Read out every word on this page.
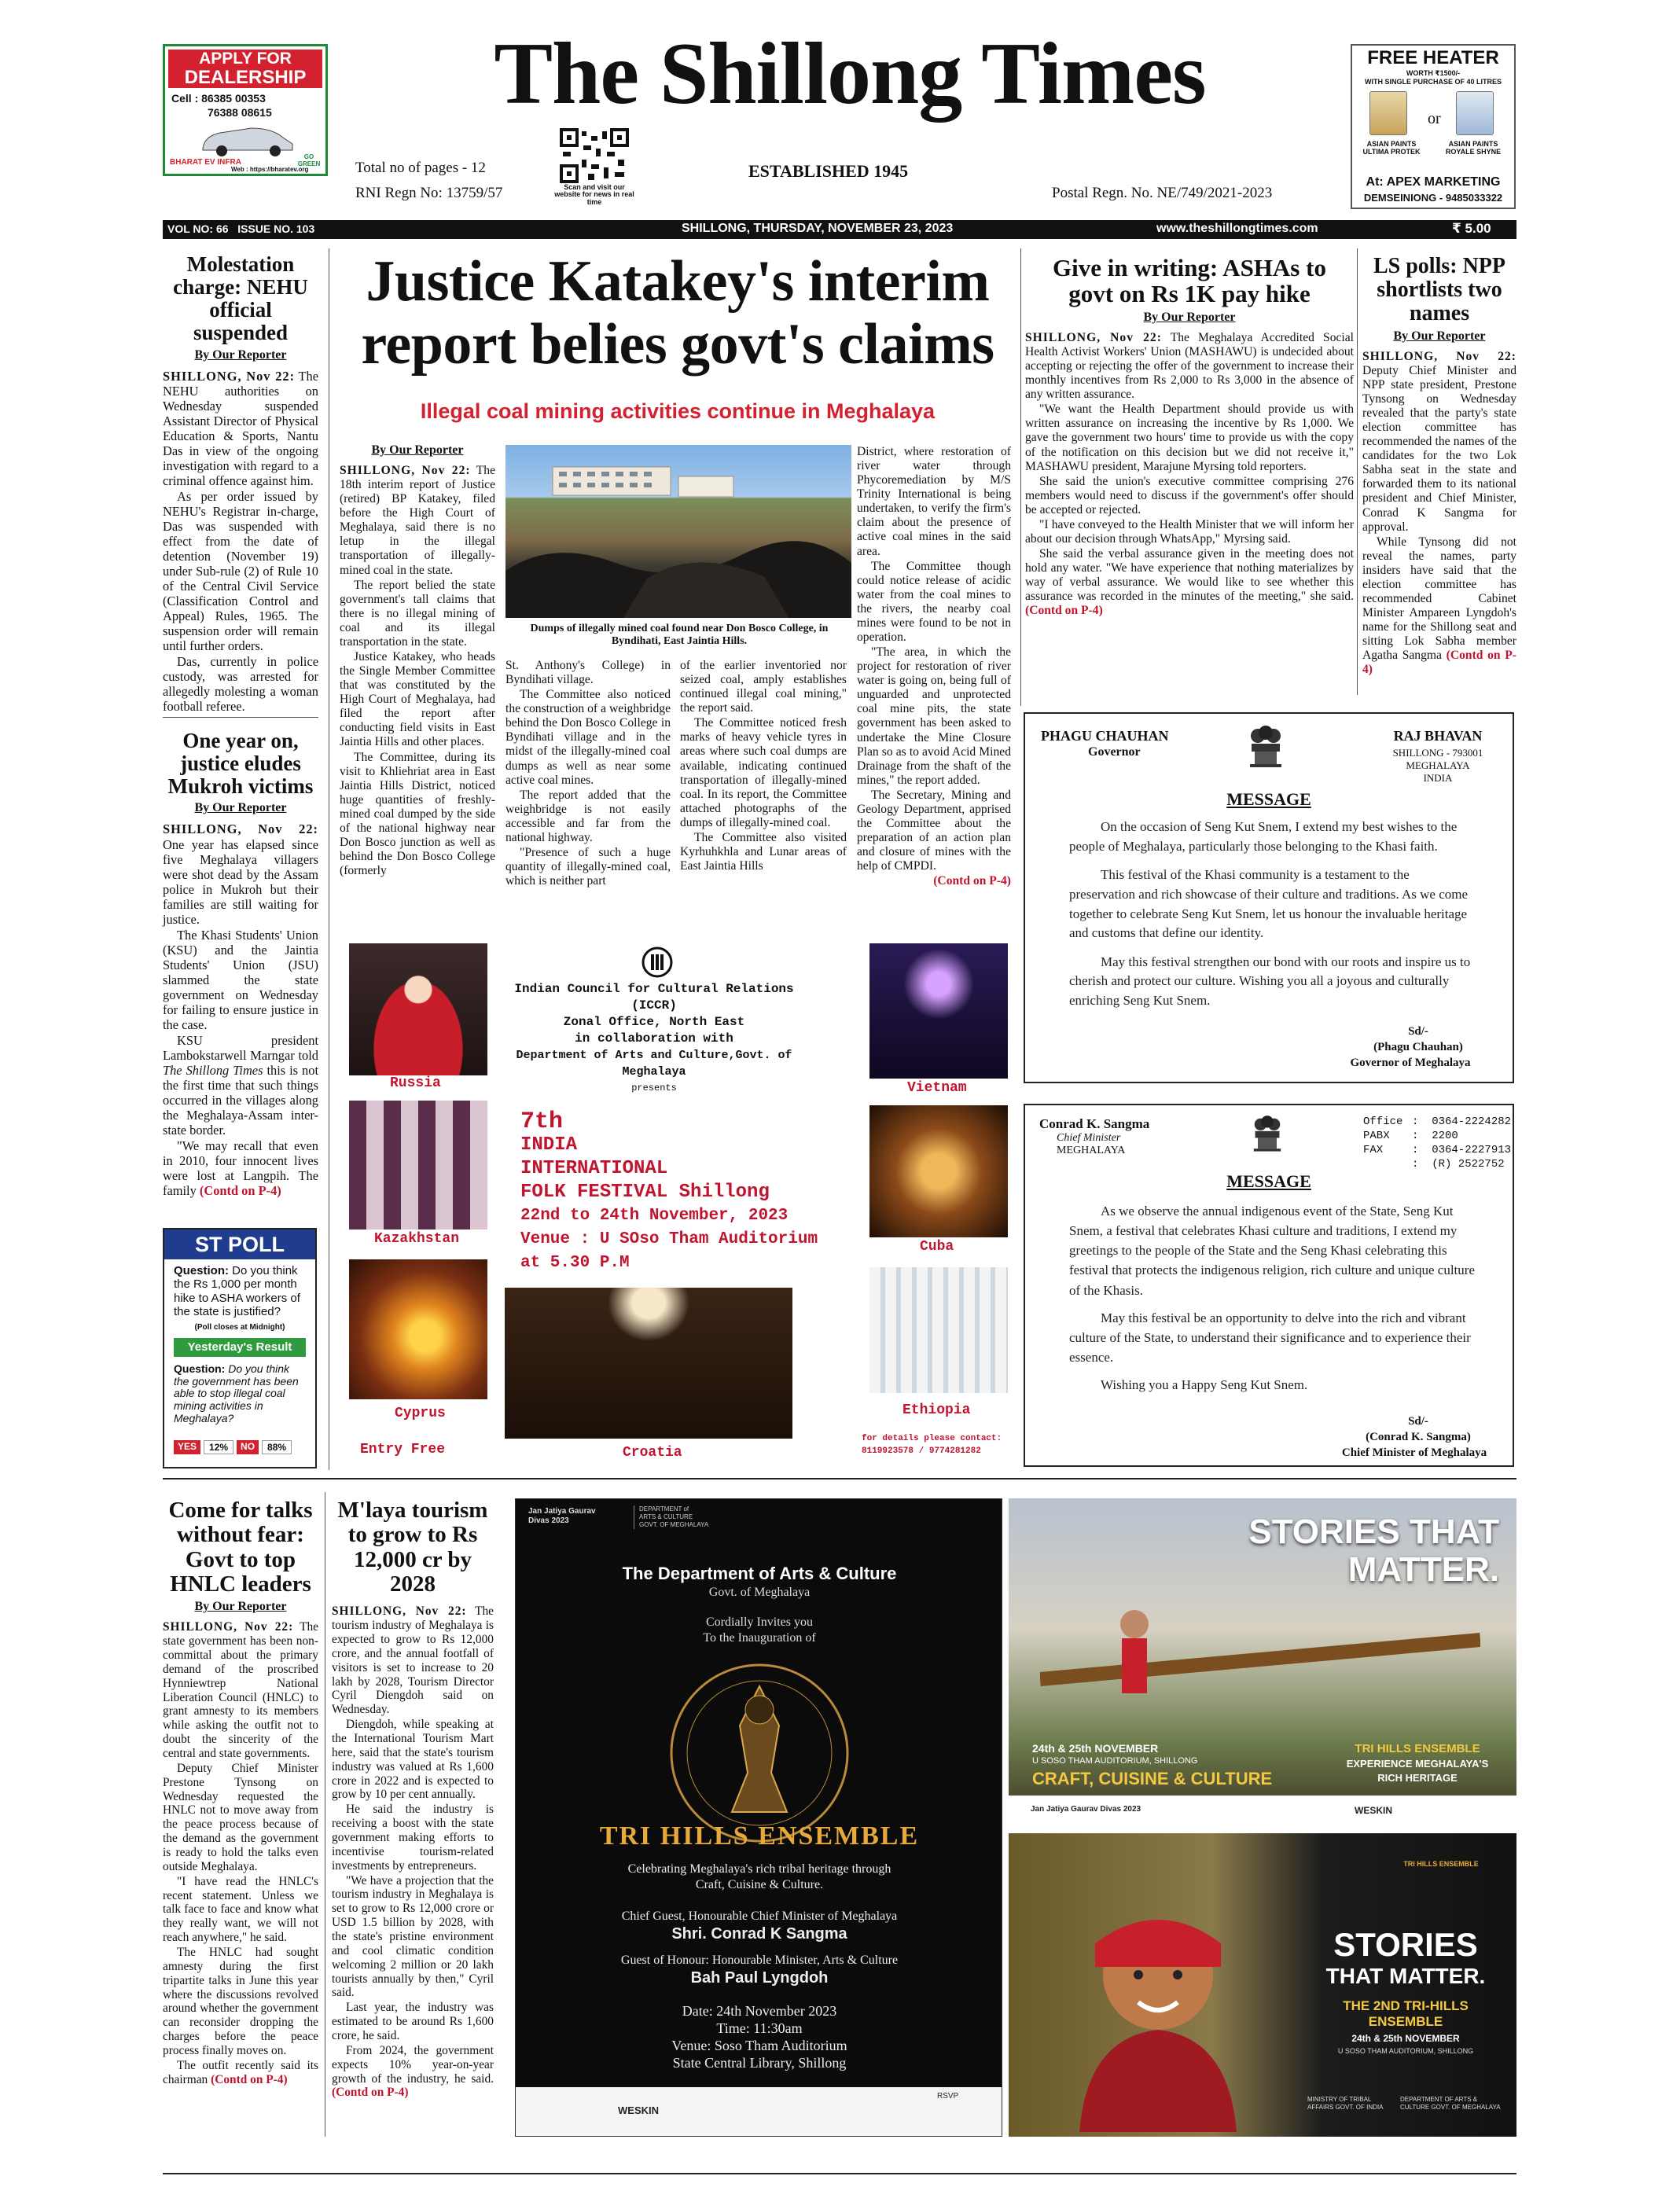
APPLY FOR
DEALERSHIP
Cell : 86385 00353
76388 08615
BHARAT EV INFRA
Web : https://bharatev.org
GO GREEN
The Shillong Times
Total no of pages - 12
RNI Regn No: 13759/57	Scan and visit our website for news in real time
ESTABLISHED 1945
Postal Regn. No. NE/749/2021-2023
FREE HEATER
WORTH ₹1500/-
WITH SINGLE PURCHASE OF 40 LITRES
or
ASIAN PAINTS ULTIMA PROTEK
ASIAN PAINTS ROYALE SHYNE
At: APEX MARKETING
DEMSEINIONG - 9485033322
VOL NO: 66   ISSUE NO. 103	SHILLONG, THURSDAY, NOVEMBER 23, 2023	www.theshillongtimes.com	₹ 5.00
Molestation charge: NEHU official suspended
By Our Reporter

SHILLONG, Nov 22: The NEHU authorities on Wednesday suspended Assistant Director of Physical Education & Sports, Nantu Das in view of the ongoing investigation with regard to a criminal offence against him.

As per order issued by NEHU's Registrar in-charge, Das was suspended with effect from the date of detention (November 19) under Sub-rule (2) of Rule 10 of the Central Civil Service (Classification Control and Appeal) Rules, 1965. The suspension order will remain until further orders.

Das, currently in police custody, was arrested for allegedly molesting a woman football referee.

One year on, justice eludes Mukroh victims
By Our Reporter

SHILLONG, Nov 22: One year has elapsed since five Meghalaya villagers were shot dead by the Assam police in Mukroh but their families are still waiting for justice.

The Khasi Students' Union (KSU) and the Jaintia Students' Union (JSU) slammed the state government on Wednesday for failing to ensure justice in the case.

KSU president Lambokstarwell Marngar told The Shillong Times this is not the first time that such things occurred in the villages along the Meghalaya-Assam inter-state border.

"We may recall that even in 2010, four innocent lives were lost at Langpih. The family (Contd on P-4)

ST POLL
Question: Do you think the Rs 1,000 per month hike to ASHA workers of the state is justified?
(Poll closes at Midnight)
Yesterday's Result
Question: Do you think the government has been able to stop illegal coal mining activities in Meghalaya?
YES	12%	NO	88%
Justice Katakey's interim report belies govt's claims
Illegal coal mining activities continue in Meghalaya
By Our Reporter

SHILLONG, Nov 22: The 18th interim report of Justice (retired) BP Katakey, filed before the High Court of Meghalaya, said there is no letup in the illegal transportation of illegally-mined coal in the state.

The report belied the state government's tall claims that there is no illegal mining of coal and its illegal transportation in the state.

Justice Katakey, who heads the Single Member Committee that was constituted by the High Court of Meghalaya, had filed the report after conducting field visits in East Jaintia Hills and other places.

The Committee, during its visit to Khliehriat area in East Jaintia Hills District, noticed huge quantities of freshly-mined coal dumped by the side of the national highway near Don Bosco junction as well as behind the Don Bosco College (formerly

Dumps of illegally mined coal found near Don Bosco College, in Byndihati, East Jaintia Hills.

St. Anthony's College) in Byndihati village.

The Committee also noticed the construction of a weighbridge behind the Don Bosco College in Byndihati village and in the midst of the illegally-mined coal dumps as well as near some active coal mines.

The report added that the weighbridge is not easily accessible and far from the national highway.

"Presence of such a huge quantity of illegally-mined coal, which is neither part

of the earlier inventoried nor seized coal, amply establishes continued illegal coal mining," the report said.

The Committee noticed fresh marks of heavy vehicle tyres in areas where such coal dumps are available, indicating continued transportation of illegally-mined coal. In its report, the Committee attached photographs of the dumps of illegally-mined coal.

The Committee also visited Kyrhuhkhla and Lunar areas of East Jaintia Hills

District, where restoration of river water through Phycoremediation by M/S Trinity International is being undertaken, to verify the firm's claim about the presence of active coal mines in the said area.

The Committee though could notice release of acidic water from the coal mines to the rivers, the nearby coal mines were found to be not in operation.

"The area, in which the project for restoration of river water is going on, being full of unguarded and unprotected coal mine pits, the state government has been asked to undertake the Mine Closure Plan so as to avoid Acid Mined Drainage from the shaft of the mines," the report added.

The Secretary, Mining and Geology Department, apprised the Committee about the preparation of an action plan and closure of mines with the help of CMPDI.

(Contd on P-4)

Give in writing: ASHAs to govt on Rs 1K pay hike
By Our Reporter

SHILLONG, Nov 22: The Meghalaya Accredited Social Health Activist Workers' Union (MASHAWU) is undecided about accepting or rejecting the offer of the government to increase their monthly incentives from Rs 2,000 to Rs 3,000 in the absence of any written assurance.

"We want the Health Department should provide us with written assurance on increasing the incentive by Rs 1,000. We gave the government two hours' time to provide us with the copy of the notification on this decision but we did not receive it," MASHAWU president, Marajune Myrsing told reporters.

She said the union's executive committee comprising 276 members would need to discuss if the government's offer should be accepted or rejected.

"I have conveyed to the Health Minister that we will inform her about our decision through WhatsApp," Myrsing said.

She said the verbal assurance given in the meeting does not hold any water. "We have experience that nothing materializes by way of verbal assurance. We would like to see whether this assurance was recorded in the minutes of the meeting," she said. (Contd on P-4)

LS polls: NPP shortlists two names
By Our Reporter

SHILLONG, Nov 22: Deputy Chief Minister and NPP state president, Prestone Tynsong on Wednesday revealed that the party's state election committee has recommended the names of the candidates for the two Lok Sabha seat in the state and forwarded them to its national president and Chief Minister, Conrad K Sangma for approval.

While Tynsong did not reveal the names, party insiders have said that the election committee has recommended Cabinet Minister Ampareen Lyngdoh's name for the Shillong seat and sitting Lok Sabha member Agatha Sangma (Contd on P-4)

PHAGU CHAUHAN
Governor
RAJ BHAVAN
SHILLONG - 793001
MEGHALAYA
INDIA
MESSAGE

On the occasion of Seng Kut Snem, I extend my best wishes to the people of Meghalaya, particularly those belonging to the Khasi faith.

This festival of the Khasi community is a testament to the preservation and rich showcase of their culture and traditions. As we come together to celebrate Seng Kut Snem, let us honour the invaluable heritage and customs that define our identity.

May this festival strengthen our bond with our roots and inspire us to cherish and protect our culture. Wishing you all a joyous and culturally enriching Seng Kut Snem.

Sd/-
(Phagu Chauhan)
Governor of Meghalaya
Conrad K. Sangma
Chief Minister
MEGHALAYA
Office :  0364-2224282
PABX :  2200
FAX	:  0364-2227913
:  (R) 2522752
MESSAGE

As we observe the annual indigenous event of the State, Seng Kut Snem, a festival that celebrates Khasi culture and traditions, I extend my greetings to the people of the State and the Seng Khasi celebrating this festival that protects the indigenous religion, rich culture and unique culture of the Khasis.

May this festival be an opportunity to delve into the rich and vibrant culture of the State, to understand their significance and to experience their essence.

Wishing you a Happy Seng Kut Snem.

Sd/-
(Conrad K. Sangma)
Chief Minister of Meghalaya
Russia
Kazakhstan
Cyprus
Entry Free
Indian Council for Cultural Relations (ICCR)
Zonal Office, North East
in collaboration with
Department of Arts and Culture,Govt. of Meghalaya
presents
7th
INDIA
INTERNATIONAL
FOLK FESTIVAL Shillong
22nd to 24th November, 2023
Venue : U SOso Tham Auditorium
at 5.30 P.M
Croatia
Vietnam
Cuba
Ethiopia
for details please contact:
8119923578 / 9774281282
Come for talks without fear: Govt to top HNLC leaders
By Our Reporter

SHILLONG, Nov 22: The state government has been non-committal about the primary demand of the proscribed Hynniewtrep National Liberation Council (HNLC) to grant amnesty to its members while asking the outfit not to doubt the sincerity of the central and state governments.

Deputy Chief Minister Prestone Tynsong on Wednesday requested the HNLC not to move away from the peace process because of the demand as the government is ready to hold the talks even outside Meghalaya.

"I have read the HNLC's recent statement. Unless we talk face to face and know what they really want, we will not reach anywhere," he said.

The HNLC had sought amnesty during the first tripartite talks in June this year where the discussions revolved around whether the government can reconsider dropping the charges before the peace process finally moves on.

The outfit recently said its chairman (Contd on P-4)

M'laya tourism to grow to Rs 12,000 cr by 2028

SHILLONG, Nov 22: The tourism industry of Meghalaya is expected to grow to Rs 12,000 crore, and the annual footfall of visitors is set to increase to 20 lakh by 2028, Tourism Director Cyril Diengdoh said on Wednesday.

Diengdoh, while speaking at the International Tourism Mart here, said that the state's tourism industry was valued at Rs 1,600 crore in 2022 and is expected to grow by 10 per cent annually.

He said the industry is receiving a boost with the state government making efforts to incentivise tourism-related investments by entrepreneurs.

"We have a projection that the tourism industry in Meghalaya is set to grow to Rs 12,000 crore or USD 1.5 billion by 2028, with the state's pristine environment and cool climatic condition welcoming 2 million or 20 lakh tourists annually by then," Cyril said.

Last year, the industry was estimated to be around Rs 1,600 crore, he said.

From 2024, the government expects 10% year-on-year growth of the industry, he said. (Contd on P-4)

Jan Jatiya Gaurav
Divas 2023
DEPARTMENT of
ARTS & CULTURE
GOVT. OF MEGHALAYA
The Department of Arts & Culture
Govt. of Meghalaya
Cordially Invites you
To the Inauguration of
TRI HILLS ENSEMBLE
Celebrating Meghalaya's rich tribal heritage through
Craft, Cuisine & Culture.
Chief Guest, Honourable Chief Minister of Meghalaya
Shri. Conrad K Sangma
Guest of Honour: Honourable Minister, Arts & Culture
Bah Paul Lyngdoh
Date: 24th November 2023
Time: 11:30am
Venue: Soso Tham Auditorium
State Central Library, Shillong
WESKIN
RSVP
STORIES THAT
MATTER.
24th & 25th NOVEMBER
U SOSO THAM AUDITORIUM, SHILLONG
CRAFT, CUISINE & CULTURE
TRI HILLS ENSEMBLE
EXPERIENCE MEGHALAYA'S
RICH HERITAGE
Jan Jatiya Gaurav Divas 2023	WESKIN
TRI HILLS ENSEMBLE
STORIES
THAT MATTER.
THE 2ND TRI-HILLS ENSEMBLE
24th & 25th NOVEMBER
U SOSO THAM AUDITORIUM, SHILLONG
MINISTRY OF TRIBAL AFFAIRS GOVT. OF INDIA
DEPARTMENT OF ARTS & CULTURE GOVT. OF MEGHALAYA
